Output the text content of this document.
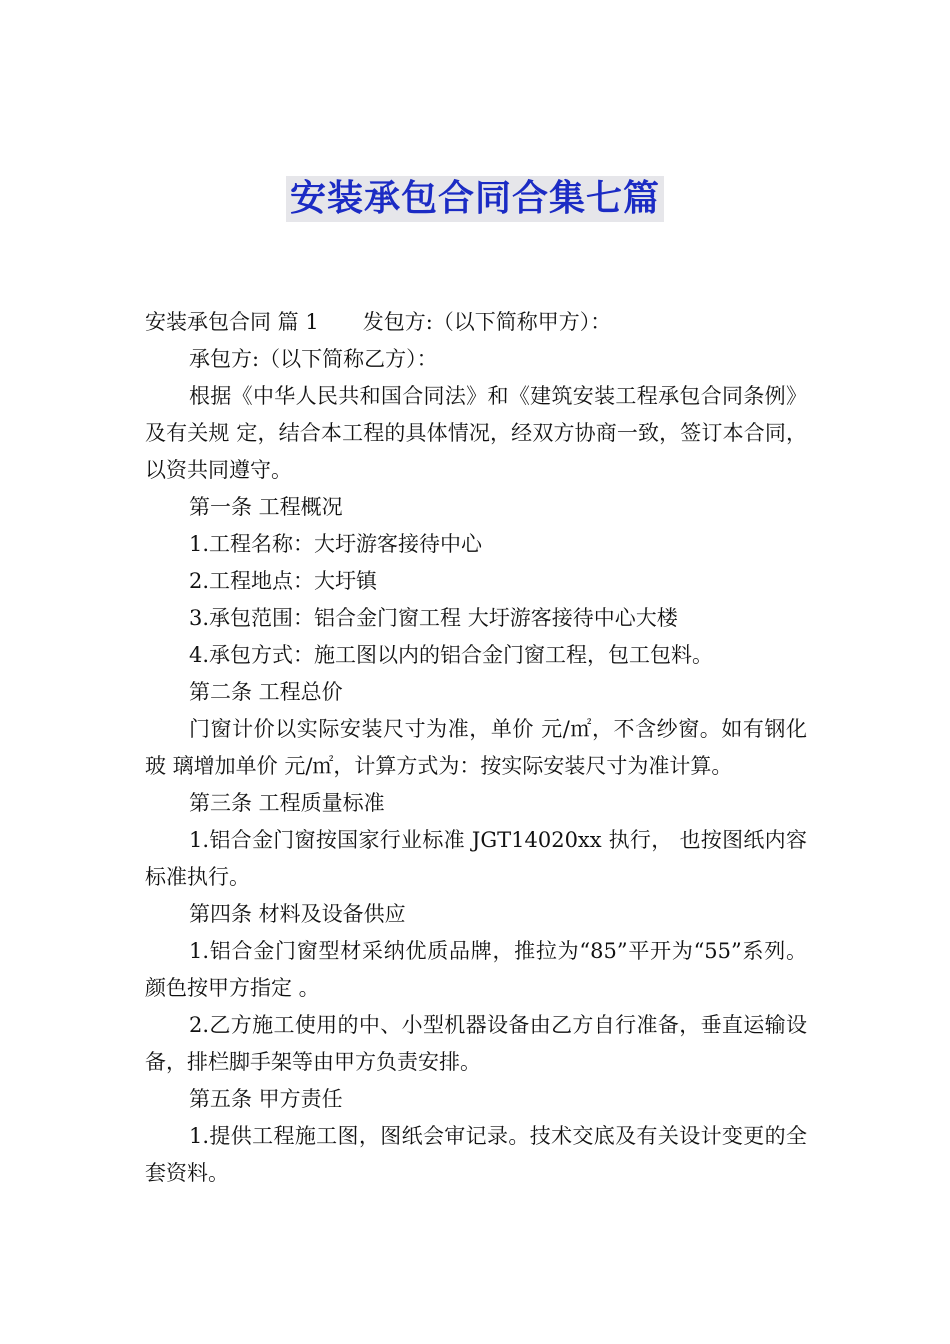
安装承包合同合集七篇

安装承包合同 篇 1 发包方:（以下简称甲方）：

承包方:（以下简称乙方）：

根据《中华人民共和国合同法》和《建筑安装工程承包合同条例》及有关规 定，结合本工程的具体情况，经双方协商一致，签订本合同，以资共同遵守。

第一条 工程概况

1.工程名称：大圩游客接待中心

2.工程地点：大圩镇

3.承包范围：铝合金门窗工程 大圩游客接待中心大楼

4.承包方式：施工图以内的铝合金门窗工程，包工包料。

第二条 工程总价

门窗计价以实际安装尺寸为准，单价 元/㎡，不含纱窗。如有钢化玻 璃增加单价 元/㎡，计算方式为：按实际安装尺寸为准计算。

第三条 工程质量标准

1.铝合金门窗按国家行业标准 JGT14020xx 执行， 也按图纸内容标准执行。

第四条 材料及设备供应

1.铝合金门窗型材采纳优质品牌，推拉为“85”平开为“55”系列。颜色按甲方指定 。

2.乙方施工使用的中、小型机器设备由乙方自行准备，垂直运输设备，排栏脚手架等由甲方负责安排。

第五条 甲方责任

1.提供工程施工图，图纸会审记录。技术交底及有关设计变更的全套资料。
